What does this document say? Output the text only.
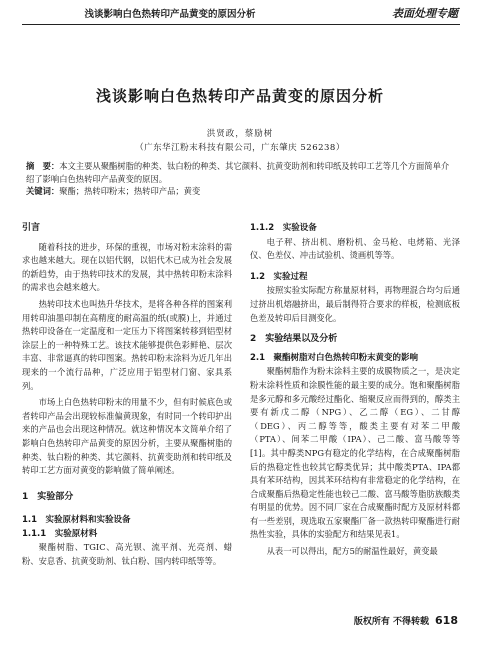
浅谈影响白色热转印产品黄变的原因分析	表面处理专题
浅谈影响白色热转印产品黄变的原因分析
洪贤政，蔡励树
（广东华江粉末科技有限公司，广东肇庆 526238）
摘　要：本文主要从聚酯树脂的种类、钛白粉的种类、其它颜料、抗黄变助剂和转印纸及转印工艺等几个方面简单介绍了影响白色热转印产品黄变的原因。
关键词：聚酯；热转印粉末；热转印产品；黄变
引言

随着科技的进步，环保的重视，市场对粉末涂料的需求也越来越大。现在以铝代钢，以铝代木已成为社会发展的新趋势，由于热转印技术的发展，其中热转印粉末涂料的需求也会越来越大。

热转印技术也叫热升华技术，是将各种各样的图案利用转印油墨印制在高精度的耐高温的纸(或膜)上，并通过热转印设备在一定温度和一定压力下将图案转移到铝型材涂层上的一种特殊工艺。该技术能够提供色彩鲜艳、层次丰富、非常逼真的转印图案。热转印粉末涂料为近几年出现来的一个流行品种，广泛应用于铝型材门窗、家具系列。

市场上白色热转印粉末的用量不少，但有时候底色或者转印产品会出现较标准偏黄现象，有时同一个转印护出来的产品也会出现这种情况。就这种情况本文简单介绍了影响白色热转印产品黄变的原因分析，主要从聚酯树脂的种类、钛白粉的种类、其它颜料、抗黄变助剂和转印纸及转印工艺方面对黄变的影响做了简单阐述。

1　实验部分
1.1　实验原材料和实验设备
1.1.1　实验原材料

聚酯树脂、TGIC、高光钡、流平剂、光亮剂、蜡粉、安息香、抗黄变助剂、钛白粉、国内转印纸等等。

1.1.2　实验设备

电子秤、挤出机、磨粉机、金马枪、电烤箱、光泽仪、色差仪、冲击试验机、烫画机等等。

1.2　实验过程

按照实验实际配方称量原材料，再物理混合均匀后通过挤出机熔融挤出，最后制得符合要求的样板，检测底板色差及转印后目测变化。

2　实验结果以及分析
2.1　聚酯树脂对白色热转印粉末黄变的影响

聚酯树脂作为粉末涂料主要的成膜物质之一，是决定粉末涂料性质和涂膜性能的最主要的成分。饱和聚酯树脂是多元醇和多元酸经过酯化、缩聚反应而得到的，醇类主要有新戊二醇（NPG）、乙二醇（EG）、二甘醇（DEG）、丙二醇等等，酸类主要有对苯二甲酸（PTA）、间苯二甲酸（IPA）、己二酸、富马酸等等 [1]。其中醇类NPG有稳定的化学结构，在合成聚酯树脂后的热稳定性也较其它醇类优异；其中酸类PTA、IPA都具有苯环结构，因其苯环结构有非常稳定的化学结构，在合成聚酯后热稳定性能也较己二酸、富马酸等脂肪族酸类有明显的优势。因不同厂家在合成聚酯时配方及原材料都有一些差别，现选取五家聚酯厂备一款热转印聚酯进行耐热性实验，具体的实验配方和结果见表1。

从表一可以得出，配方5的耐温性最好，黄变最

版权所有 不得转载 618
